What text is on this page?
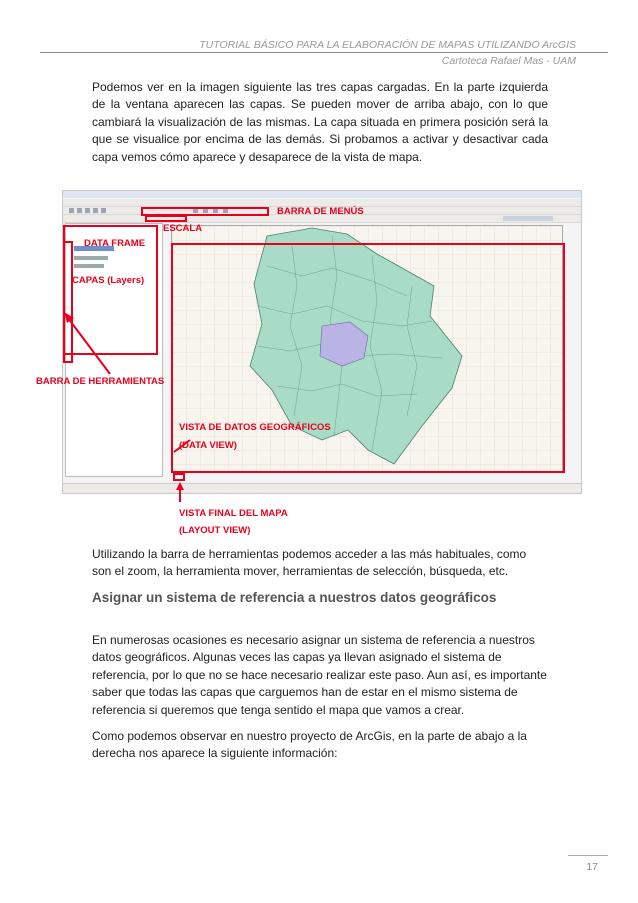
TUTORIAL BÁSICO PARA LA ELABORACIÓN DE MAPAS UTILIZANDO ArcGIS
Cartoteca Rafael Mas - UAM
Podemos ver en la imagen siguiente las tres capas cargadas. En la parte izquierda de la ventana aparecen las capas. Se pueden mover de arriba abajo, con lo que cambiará la visualización de las mismas. La capa situada en primera posición será la que se visualice por encima de las demás. Si probamos a activar y desactivar cada capa vemos cómo aparece y desaparece de la vista de mapa.
BARRA DE MENÚS
ESCALA
DATA FRAME
CAPAS (Layers)
BARRA DE HERRAMIENTAS
VISTA DE DATOS GEOGRÁFICOS
(DATA VIEW)
VISTA FINAL DEL MAPA
(LAYOUT VIEW)
Utilizando la barra de herramientas podemos acceder a las más habituales, como son el zoom, la herramienta mover, herramientas de selección, búsqueda, etc.
Asignar un sistema de referencia a nuestros datos geográficos
En numerosas ocasiones es necesario asignar un sistema de referencia a nuestros datos geográficos. Algunas veces las capas ya llevan asignado el sistema de referencia, por lo que no se hace necesario realizar este paso. Aun así, es importante saber que todas las capas que carguemos han de estar en el mismo sistema de referencia si queremos que tenga sentido el mapa que vamos a crear.
Como podemos observar en nuestro proyecto de ArcGis, en la parte de abajo a la derecha nos aparece la siguiente información:
17
